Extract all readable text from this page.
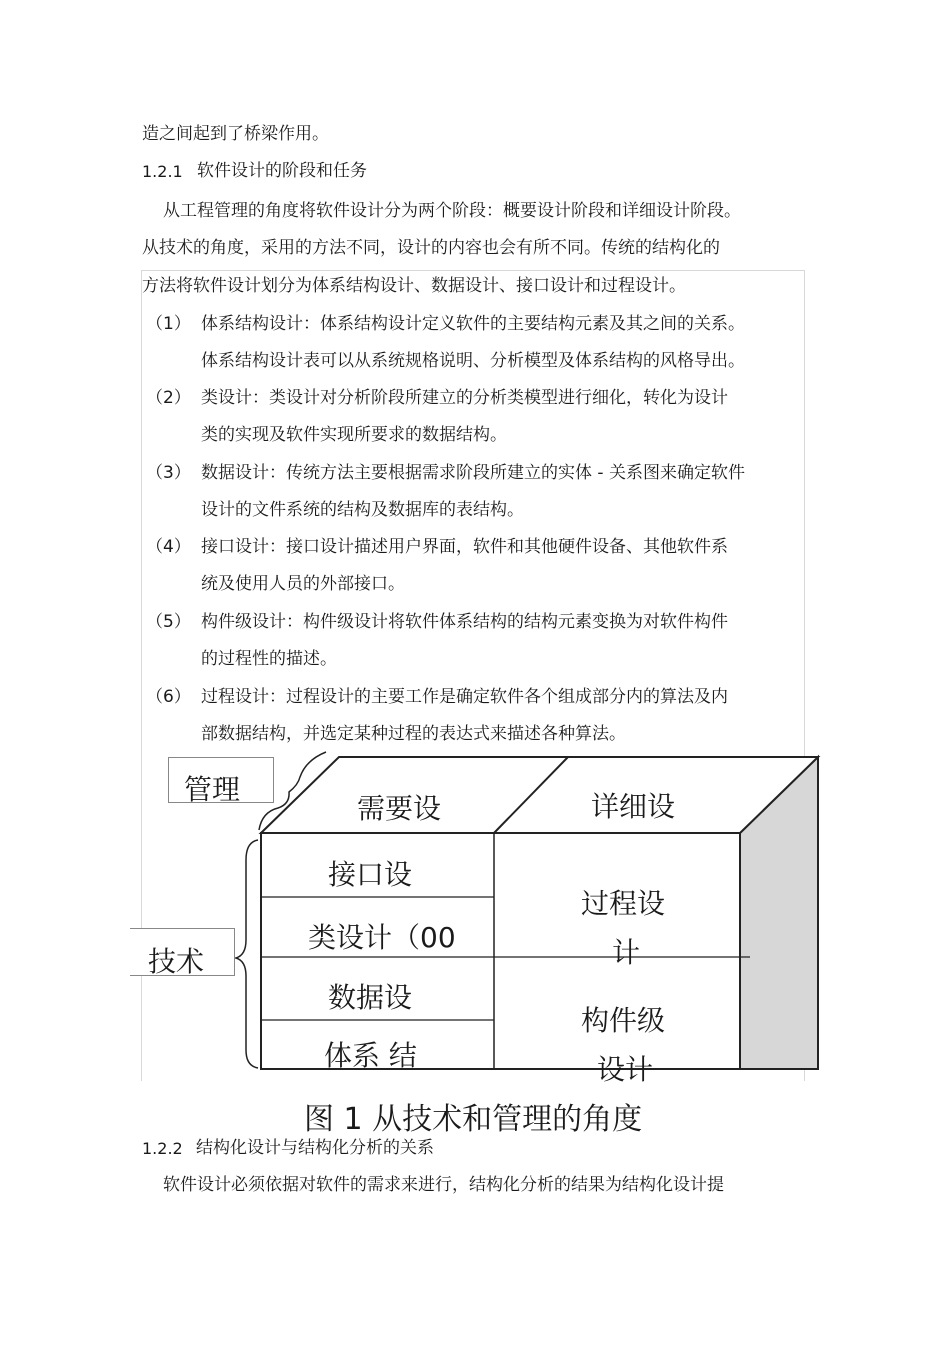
造之间起到了桥梁作用。
1.2.1 软件设计的阶段和任务
从工程管理的角度将软件设计分为两个阶段：概要设计阶段和详细设计阶段。
从技术的角度，采用的方法不同，设计的内容也会有所不同。传统的结构化的
方法将软件设计划分为体系结构设计、数据设计、接口设计和过程设计。
（1） 体系结构设计：体系结构设计定义软件的主要结构元素及其之间的关系。
体系结构设计表可以从系统规格说明、分析模型及体系结构的风格导出。
（2） 类设计：类设计对分析阶段所建立的分析类模型进行细化，转化为设计
类的实现及软件实现所要求的数据结构。
（3） 数据设计：传统方法主要根据需求阶段所建立的实体 - 关系图来确定软件
设计的文件系统的结构及数据库的表结构。
（4） 接口设计：接口设计描述用户界面，软件和其他硬件设备、其他软件系
统及使用人员的外部接口。
（5） 构件级设计：构件级设计将软件体系结构的结构元素变换为对软件构件
的过程性的描述。
（6） 过程设计：过程设计的主要工作是确定软件各个组成部分内的算法及内
部数据结构，并选定某种过程的表达式来描述各种算法。
管理
技术
需要设	详细设
接口设
类设计（00
数据设
体系 结
过程设
计
构件级
设计
图 1 从技术和管理的角度
1.2.2 结构化设计与结构化分析的关系
软件设计必须依据对软件的需求来进行，结构化分析的结果为结构化设计提
